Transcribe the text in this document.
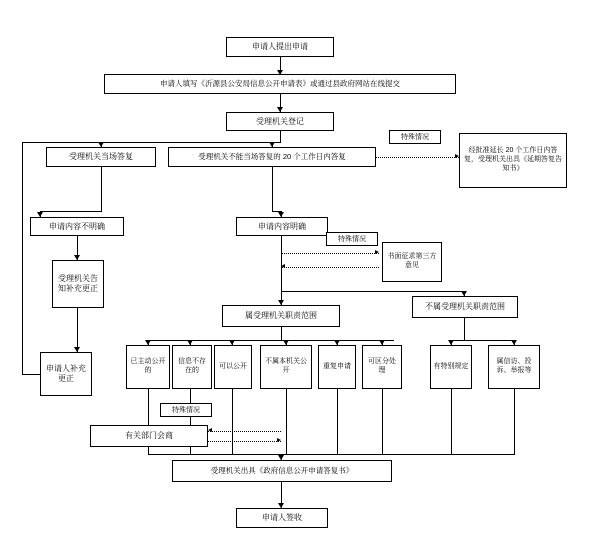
申请人提出申请
申请人填写《沂源县公安局信息公开申请表》或通过县政府网站在线提交
受理机关登记
受理机关当场答复	受理机关不能当场答复的 20 个工作日内答复
特殊情况
经批准延长 20 个工作日内答复，受理机关出具《延期答复告知书》
申请内容不明确	申请内容明确
受理机关告知补充更正
申请人补充更正
特殊情况
书面征求第三方意见
属受理机关职责范围
不属受理机关职责范围
已主动公开的
信息不存在的
可以公开
不属本机关公开
重复申请
可区分处理
有特别规定
属信访、投诉、举报等
特殊情况
有关部门会商
受理机关出具《政府信息公开申请答复书》
申请人签收
